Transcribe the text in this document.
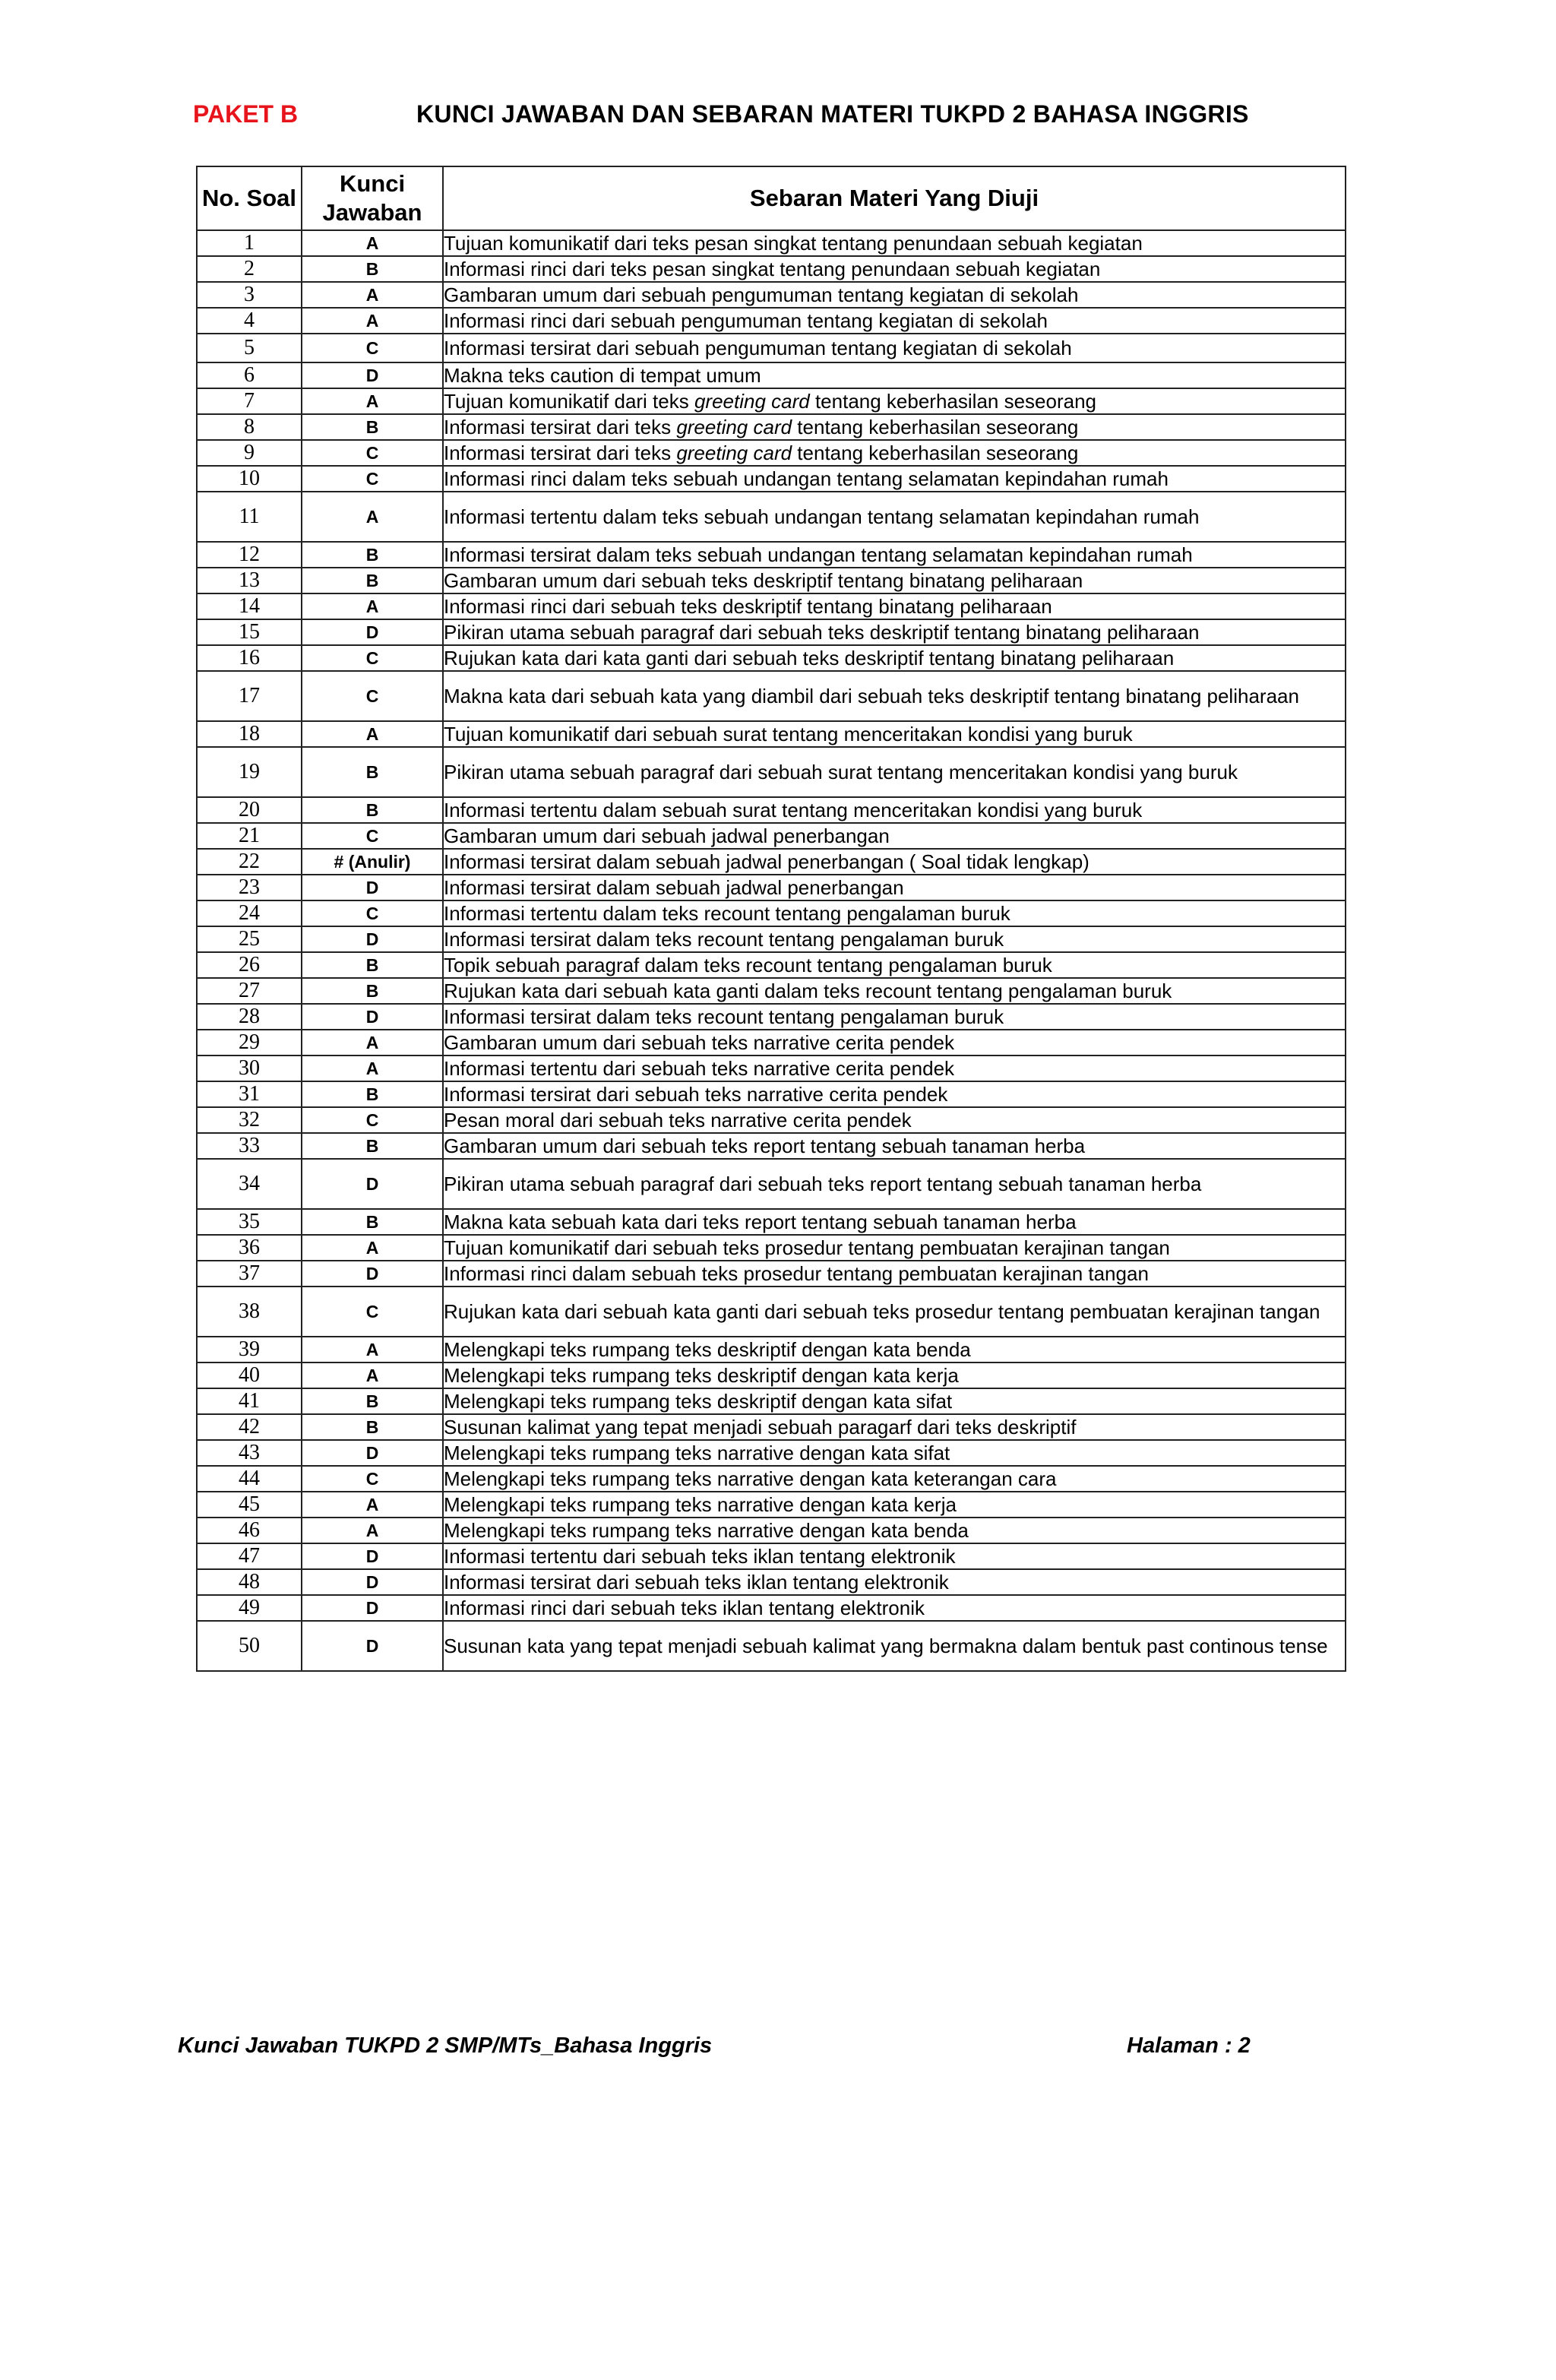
PAKET B	KUNCI JAWABAN DAN SEBARAN MATERI TUKPD 2 BAHASA INGGRIS
No. Soal	Kunci Jawaban	Sebaran Materi Yang Diuji
1	A	Tujuan komunikatif dari teks pesan singkat tentang penundaan sebuah kegiatan
2	B	Informasi rinci dari teks pesan singkat tentang penundaan sebuah kegiatan
3	A	Gambaran umum dari sebuah pengumuman tentang kegiatan di sekolah
4	A	Informasi rinci dari sebuah pengumuman tentang kegiatan di sekolah
5	C	Informasi tersirat dari sebuah pengumuman tentang kegiatan di sekolah
6	D	Makna teks caution di tempat umum
7	A	Tujuan komunikatif dari teks greeting card tentang keberhasilan seseorang
8	B	Informasi tersirat dari teks greeting card tentang keberhasilan seseorang
9	C	Informasi tersirat dari teks greeting card tentang keberhasilan seseorang
10	C	Informasi rinci dalam teks sebuah undangan tentang selamatan kepindahan rumah
11	A	Informasi tertentu dalam teks sebuah undangan tentang selamatan kepindahan rumah
12	B	Informasi tersirat dalam teks sebuah undangan tentang selamatan kepindahan rumah
13	B	Gambaran umum dari sebuah teks deskriptif tentang binatang peliharaan
14	A	Informasi rinci dari sebuah teks deskriptif tentang binatang peliharaan
15	D	Pikiran utama sebuah paragraf dari sebuah teks deskriptif tentang binatang peliharaan
16	C	Rujukan kata dari kata ganti dari sebuah teks deskriptif tentang binatang peliharaan
17	C	Makna kata dari sebuah kata yang diambil dari sebuah teks deskriptif tentang binatang peliharaan
18	A	Tujuan komunikatif dari sebuah surat tentang menceritakan kondisi yang buruk
19	B	Pikiran utama sebuah paragraf dari sebuah surat tentang menceritakan kondisi yang buruk
20	B	Informasi tertentu dalam sebuah surat tentang menceritakan kondisi yang buruk
21	C	Gambaran umum dari sebuah jadwal penerbangan
22	# (Anulir)	Informasi tersirat dalam sebuah jadwal penerbangan ( Soal tidak lengkap)
23	D	Informasi tersirat dalam sebuah jadwal penerbangan
24	C	Informasi tertentu dalam teks recount tentang pengalaman buruk
25	D	Informasi tersirat dalam teks recount tentang pengalaman buruk
26	B	Topik sebuah paragraf dalam teks recount tentang pengalaman buruk
27	B	Rujukan kata dari sebuah kata ganti dalam teks recount tentang pengalaman buruk
28	D	Informasi tersirat dalam teks recount tentang pengalaman buruk
29	A	Gambaran umum dari sebuah teks narrative cerita pendek
30	A	Informasi tertentu dari sebuah teks narrative cerita pendek
31	B	Informasi tersirat dari sebuah teks narrative cerita pendek
32	C	Pesan moral dari sebuah teks narrative cerita pendek
33	B	Gambaran umum dari sebuah teks report tentang sebuah tanaman herba
34	D	Pikiran utama sebuah paragraf dari sebuah teks report tentang sebuah tanaman herba
35	B	Makna kata sebuah kata dari teks report tentang sebuah tanaman herba
36	A	Tujuan komunikatif dari sebuah teks prosedur tentang pembuatan kerajinan tangan
37	D	Informasi rinci dalam sebuah teks prosedur tentang pembuatan kerajinan tangan
38	C	Rujukan kata dari sebuah kata ganti dari sebuah teks prosedur tentang pembuatan kerajinan tangan
39	A	Melengkapi teks rumpang teks deskriptif dengan kata benda
40	A	Melengkapi teks rumpang teks deskriptif dengan kata kerja
41	B	Melengkapi teks rumpang teks deskriptif dengan kata sifat
42	B	Susunan kalimat yang tepat menjadi sebuah paragarf dari teks deskriptif
43	D	Melengkapi teks rumpang teks narrative dengan kata sifat
44	C	Melengkapi teks rumpang teks narrative dengan kata keterangan cara
45	A	Melengkapi teks rumpang teks narrative dengan kata kerja
46	A	Melengkapi teks rumpang teks narrative dengan kata benda
47	D	Informasi tertentu dari sebuah teks iklan tentang elektronik
48	D	Informasi tersirat dari sebuah teks iklan tentang elektronik
49	D	Informasi rinci dari sebuah teks iklan tentang elektronik
50	D	Susunan kata yang tepat menjadi sebuah kalimat yang bermakna dalam bentuk past continous tense
Kunci Jawaban TUKPD 2 SMP/MTs_Bahasa Inggris	Halaman : 2
